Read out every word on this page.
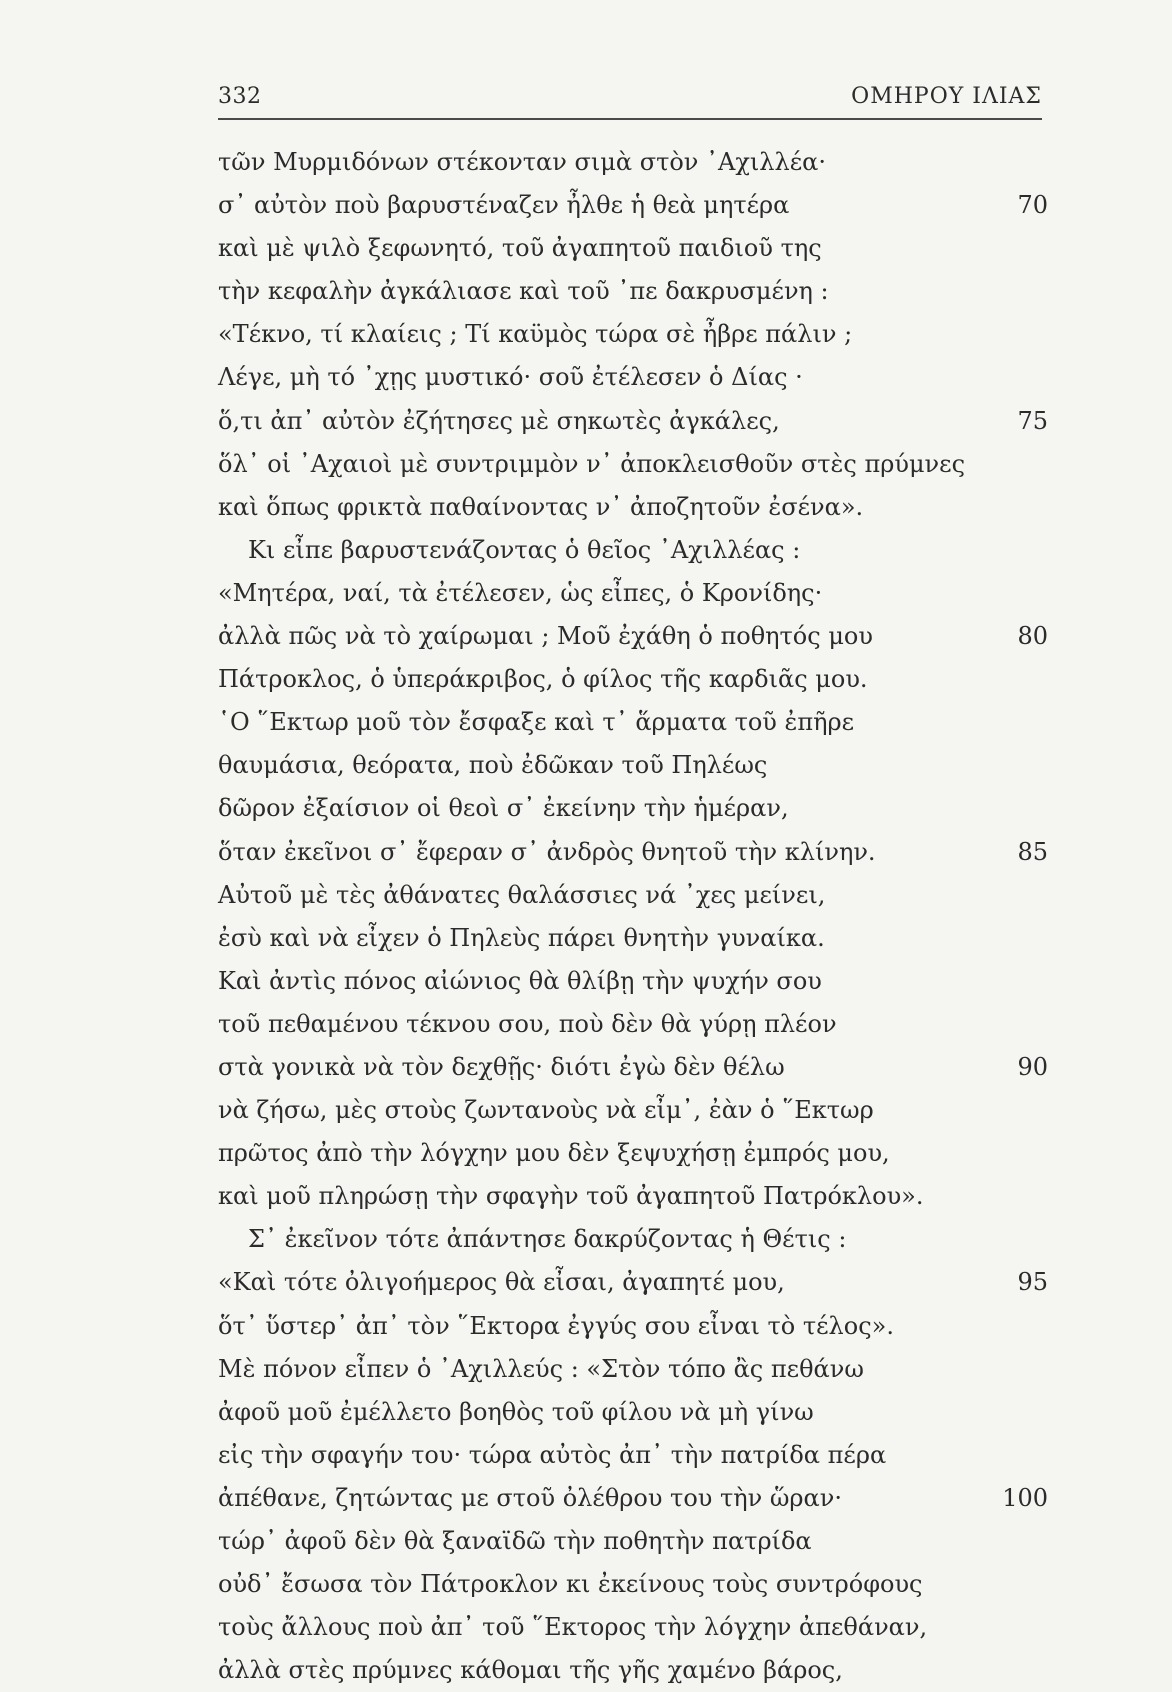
332	ΟΜΗΡΟΥ ΙΛΙΑΣ
τῶν Μυρμιδόνων στέκονταν σιμὰ στὸν ᾿Αχιλλέα·
σ᾿ αὐτὸν ποὺ βαρυστέναζεν ἦλθε ἡ θεὰ μητέρα	70
καὶ μὲ ψιλὸ ξεφωνητό, τοῦ ἀγαπητοῦ παιδιοῦ της
τὴν κεφαλὴν ἀγκάλιασε καὶ τοῦ ᾿πε δακρυσμένη :
«Τέκνο, τί κλαίεις ; Τί καϋμὸς τώρα σὲ ἦβρε πάλιν ;
Λέγε, μὴ τό ᾿χῃς μυστικό· σοῦ ἐτέλεσεν ὁ Δίας ·
ὅ,τι ἀπ᾿ αὐτὸν ἐζήτησες μὲ σηκωτὲς ἀγκάλες,	75
ὅλ᾿ οἱ ᾿Αχαιοὶ μὲ συντριμμὸν ν᾿ ἀποκλεισθοῦν στὲς πρύμνες
καὶ ὅπως φρικτὰ παθαίνοντας ν᾿ ἀποζητοῦν ἐσένα».
Κι εἶπε βαρυστενάζοντας ὁ θεῖος ᾿Αχιλλέας :
«Μητέρα, ναί, τὰ ἐτέλεσεν, ὡς εἶπες, ὁ Κρονίδης·
ἀλλὰ πῶς νὰ τὸ χαίρωμαι ; Μοῦ ἐχάθη ὁ ποθητός μου	80
Πάτροκλος, ὁ ὑπεράκριβος, ὁ φίλος τῆς καρδιᾶς μου.
῾Ο ῞Εκτωρ μοῦ τὸν ἔσφαξε καὶ τ᾿ ἅρματα τοῦ ἐπῆρε
θαυμάσια, θεόρατα, ποὺ ἐδῶκαν τοῦ Πηλέως
δῶρον ἐξαίσιον οἱ θεοὶ σ᾿ ἐκείνην τὴν ἡμέραν,
ὅταν ἐκεῖνοι σ᾿ ἔφεραν σ᾿ ἀνδρὸς θνητοῦ τὴν κλίνην.	85
Αὐτοῦ μὲ τὲς ἀθάνατες θαλάσσιες νά ᾿χες μείνει,
ἐσὺ καὶ νὰ εἶχεν ὁ Πηλεὺς πάρει θνητὴν γυναίκα.
Καὶ ἀντὶς πόνος αἰώνιος θὰ θλίβῃ τὴν ψυχήν σου
τοῦ πεθαμένου τέκνου σου, ποὺ δὲν θὰ γύρῃ πλέον
στὰ γονικὰ νὰ τὸν δεχθῇς· διότι ἐγὼ δὲν θέλω	90
νὰ ζήσω, μὲς στοὺς ζωντανοὺς νὰ εἶμ᾿, ἐὰν ὁ ῞Εκτωρ
πρῶτος ἀπὸ τὴν λόγχην μου δὲν ξεψυχήσῃ ἐμπρός μου,
καὶ μοῦ πληρώσῃ τὴν σφαγὴν τοῦ ἀγαπητοῦ Πατρόκλου».
Σ᾿ ἐκεῖνον τότε ἀπάντησε δακρύζοντας ἡ Θέτις :
«Καὶ τότε ὀλιγοήμερος θὰ εἶσαι, ἀγαπητέ μου,	95
ὅτ᾿ ὕστερ᾿ ἀπ᾿ τὸν ῞Εκτορα ἐγγύς σου εἶναι τὸ τέλος».
Μὲ πόνον εἶπεν ὁ ᾿Αχιλλεύς : «Στὸν τόπο ἂς πεθάνω
ἀφοῦ μοῦ ἐμέλλετο βοηθὸς τοῦ φίλου νὰ μὴ γίνω
εἰς τὴν σφαγήν του· τώρα αὐτὸς ἀπ᾿ τὴν πατρίδα πέρα
ἀπέθανε, ζητώντας με στοῦ ὀλέθρου του τὴν ὥραν·	100
τώρ᾿ ἀφοῦ δὲν θὰ ξαναϊδῶ τὴν ποθητὴν πατρίδα
οὐδ᾿ ἔσωσα τὸν Πάτροκλον κι ἐκείνους τοὺς συντρόφους
τοὺς ἄλλους ποὺ ἀπ᾿ τοῦ ῞Εκτορος τὴν λόγχην ἀπεθάναν,
ἀλλὰ στὲς πρύμνες κάθομαι τῆς γῆς χαμένο βάρος,
